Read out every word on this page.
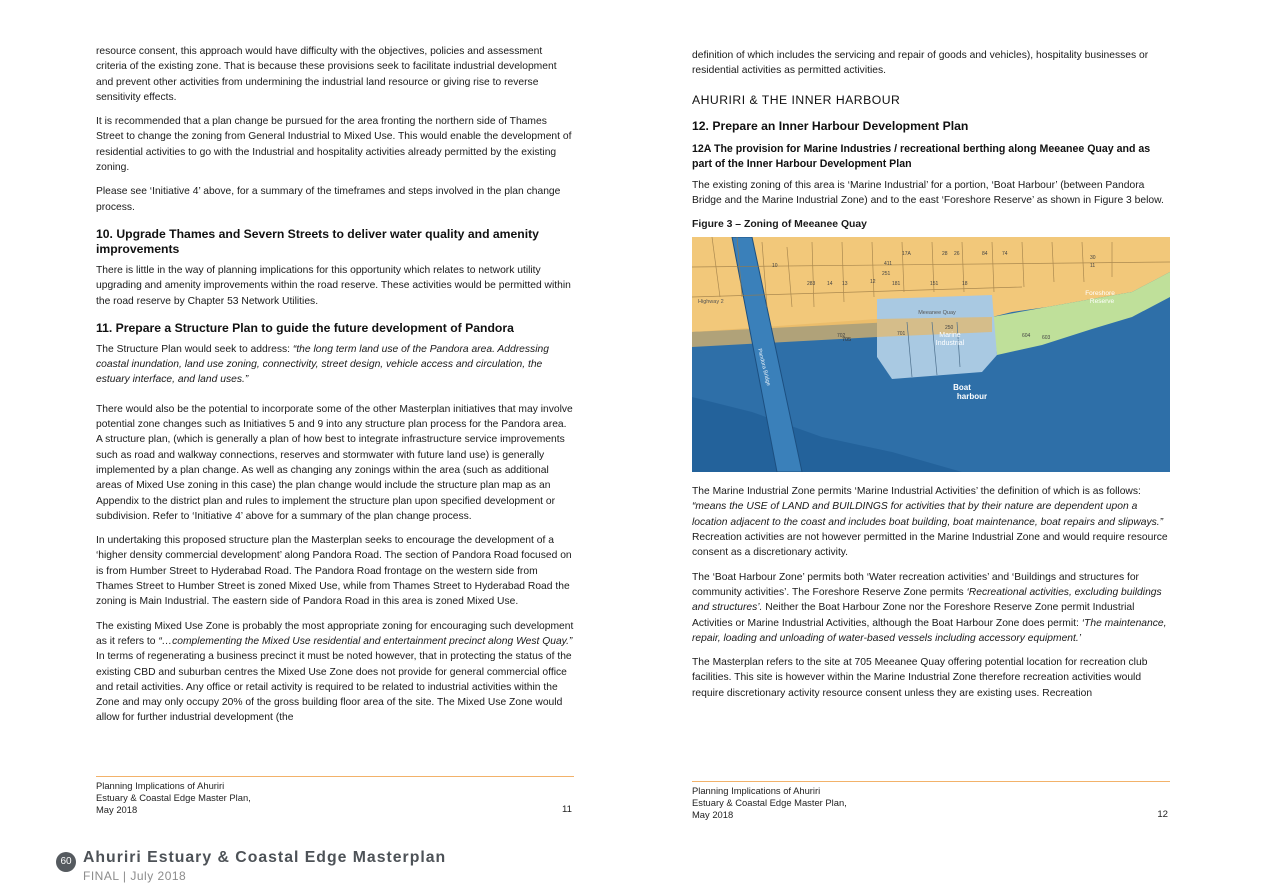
resource consent, this approach would have difficulty with the objectives, policies and assessment criteria of the existing zone. That is because these provisions seek to facilitate industrial development and prevent other activities from undermining the industrial land resource or giving rise to reverse sensitivity effects.

It is recommended that a plan change be pursued for the area fronting the northern side of Thames Street to change the zoning from General Industrial to Mixed Use. This would enable the development of residential activities to go with the Industrial and hospitality activities already permitted by the existing zoning.

Please see ‘Initiative 4’ above, for a summary of the timeframes and steps involved in the plan change process.

10. Upgrade Thames and Severn Streets to deliver water quality and amenity improvements

There is little in the way of planning implications for this opportunity which relates to network utility upgrading and amenity improvements within the road reserve. These activities would be permitted within the road reserve by Chapter 53 Network Utilities.

11. Prepare a Structure Plan to guide the future development of Pandora

The Structure Plan would seek to address: “the long term land use of the Pandora area. Addressing coastal inundation, land use zoning, connectivity, street design, vehicle access and circulation, the estuary interface, and land uses.”

There would also be the potential to incorporate some of the other Masterplan initiatives that may involve potential zone changes such as Initiatives 5 and 9 into any structure plan process for the Pandora area. A structure plan, (which is generally a plan of how best to integrate infrastructure service improvements such as road and walkway connections, reserves and stormwater with future land use) is generally implemented by a plan change. As well as changing any zonings within the area (such as additional areas of Mixed Use zoning in this case) the plan change would include the structure plan map as an Appendix to the district plan and rules to implement the structure plan upon specified development or subdivision. Refer to ‘Initiative 4’ above for a summary of the plan change process.

In undertaking this proposed structure plan the Masterplan seeks to encourage the development of a ‘higher density commercial development’ along Pandora Road. The section of Pandora Road focused on is from Humber Street to Hyderabad Road. The Pandora Road frontage on the western side from Thames Street to Humber Street is zoned Mixed Use, while from Thames Street to Hyderabad Road the zoning is Main Industrial. The eastern side of Pandora Road in this area is zoned Mixed Use.

The existing Mixed Use Zone is probably the most appropriate zoning for encouraging such development as it refers to “…complementing the Mixed Use residential and entertainment precinct along West Quay.” In terms of regenerating a business precinct it must be noted however, that in protecting the status of the existing CBD and suburban centres the Mixed Use Zone does not provide for general commercial office and retail activities. Any office or retail activity is required to be related to industrial activities within the Zone and may only occupy 20% of the gross building floor area of the site. The Mixed Use Zone would allow for further industrial development (the

Planning Implications of Ahuriri
Estuary & Coastal Edge Master Plan,
May 2018	11

definition of which includes the servicing and repair of goods and vehicles), hospitality businesses or residential activities as permitted activities.

AHURIRI & THE INNER HARBOUR
12. Prepare an Inner Harbour Development Plan
12A The provision for Marine Industries / recreational berthing along Meeanee Quay and as part of the Inner Harbour Development Plan

The existing zoning of this area is ‘Marine Industrial’ for a portion, ‘Boat Harbour’ (between Pandora Bridge and the Marine Industrial Zone) and to the east ‘Foreshore Reserve’ as shown in Figure 3 below.

Figure 3 – Zoning of Meeanee Quay
Boat
harbour
Marine
Industrial
Meeanee Quay
Foreshore
Reserve
Pandora Bridge
Highway 2
705
17A
411
251
28 26	84	74
10
30
11
283 14 13	12	181	151	18
603
604
701
702
250

The Marine Industrial Zone permits ‘Marine Industrial Activities’ the definition of which is as follows: “means the USE of LAND and BUILDINGS for activities that by their nature are dependent upon a location adjacent to the coast and includes boat building, boat maintenance, boat repairs and slipways.” Recreation activities are not however permitted in the Marine Industrial Zone and would require resource consent as a discretionary activity.

The ‘Boat Harbour Zone’ permits both ‘Water recreation activities’ and ‘Buildings and structures for community activities’. The Foreshore Reserve Zone permits ‘Recreational activities, excluding buildings and structures’. Neither the Boat Harbour Zone nor the Foreshore Reserve Zone permit Industrial Activities or Marine Industrial Activities, although the Boat Harbour Zone does permit: ‘The maintenance, repair, loading and unloading of water-based vessels including accessory equipment.’

The Masterplan refers to the site at 705 Meeanee Quay offering potential location for recreation club facilities. This site is however within the Marine Industrial Zone therefore recreation activities would require discretionary activity resource consent unless they are existing uses. Recreation

Planning Implications of Ahuriri
Estuary & Coastal Edge Master Plan,
May 2018	12
60 Ahuriri Estuary & Coastal Edge Masterplan
FINAL | July 2018
